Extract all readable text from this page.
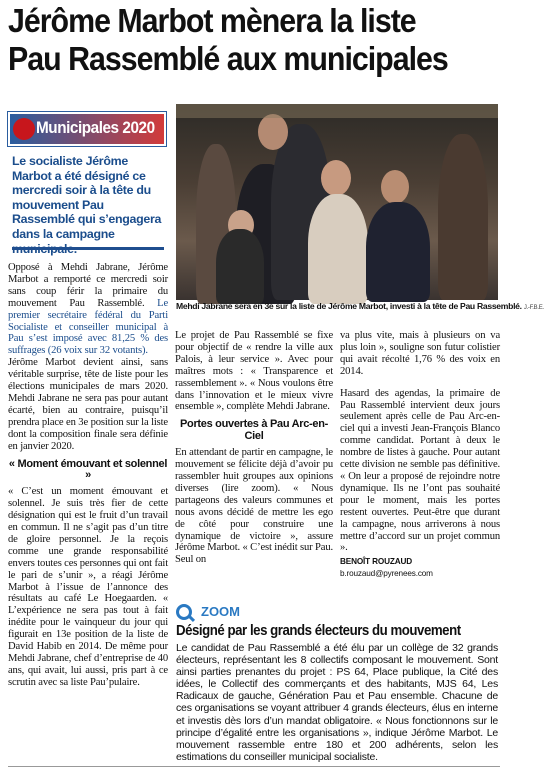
Jérôme Marbot mènera la liste
Pau Rassemblé aux municipales
Municipales 2020
Mehdi Jabrane sera en 3e sur la liste de Jérôme Marbot, investi à la tête de Pau Rassemblé. J.-F.B.E.
Le socialiste Jérôme Marbot a été désigné ce mercredi soir à la tête du mouvement Pau Rassemblé qui s’engagera dans la campagne

Opposé à Mehdi Jabrane, Jérôme Marbot a remporté ce mercredi soir sans coup férir la primaire du mouvement Pau Rassemblé. Le premier secrétaire fédéral du Parti Socialiste et conseiller municipal à Pau s’est imposé avec 81,25 % des suffrages (26 voix sur 32 votants).

Jérôme Marbot devient ainsi, sans véritable surprise, tête de liste pour les élections municipales de mars 2020. Mehdi Jabrane ne sera pas pour autant écarté, bien au contraire, puisqu’il prendra place en 3e position sur la liste dont la composition finale sera définie en janvier 2020.

« Moment émouvant et solennel »

« C’est un moment émouvant et solennel. Je suis très fier de cette désignation qui est le fruit d’un travail en commun. Il ne s’agit pas d’un titre de gloire personnel. Je la reçois comme une grande responsabilité envers toutes ces personnes qui ont fait le pari de s’unir », a réagi Jérôme Marbot à l’issue de l’annonce des résultats au café Le Hoegaarden. « L’expérience ne sera pas tout à fait inédite pour le vainqueur du jour qui figurait en 13e position de la liste de David Habib en 2014. De même pour Mehdi Jabrane, chef d’entreprise de 40 ans, qui avait, lui aussi, pris part à ce scrutin avec sa liste Pau’pulaire.

Le projet de Pau Rassemblé se fixe pour objectif de « rendre la ville aux Palois, à leur service ». Avec pour maîtres mots : « Transparence et rassemblement ». « Nous voulons être dans l’innovation et le mieux vivre ensemble », complète Mehdi Jabrane.

Portes ouvertes à Pau Arc-en-Ciel

En attendant de partir en campagne, le mouvement se félicite déjà d’avoir pu rassembler huit groupes aux opinions diverses (lire zoom). « Nous partageons des valeurs communes et nous avons décidé de mettre les ego de côté pour construire une dynamique de victoire », assure Jérôme Marbot. « C’est inédit sur Pau. Seul on

va plus vite, mais à plusieurs on va plus loin », souligne son futur colistier qui avait récolté 1,76 % des voix en 2014.

Hasard des agendas, la primaire de Pau Rassemblé intervient deux jours seulement après celle de Pau Arc-en-ciel qui a investi Jean-François Blanco comme candidat. Portant à deux le nombre de listes à gauche. Pour autant cette division ne semble pas définitive. « On leur a proposé de rejoindre notre dynamique. Ils ne l’ont pas souhaité pour le moment, mais les portes restent ouvertes. Peut-être que durant la campagne, nous arriverons à nous mettre d’accord sur un projet commun ».

BENOÎT ROUZAUD b.rouzaud@pyrenees.com
ZOOM
Désigné par les grands électeurs du mouvement
Le candidat de Pau Rassemblé a été élu par un collège de 32 grands électeurs, représentant les 8 collectifs composant le mouvement. Sont ainsi parties prenantes du projet : PS 64, Place publique, la Cité des idées, le Collectif des commerçants et des habitants, MJS 64, Les Radicaux de gauche, Génération Pau et Pau ensemble. Chacune de ces organisations se voyant attribuer 4 grands électeurs, élus en interne et investis dès lors d’un mandat obligatoire. « Nous fonctionnons sur le principe d’égalité entre les organisations », indique Jérôme Marbot. Le mouvement rassemble entre 180 et 200 adhérents, selon les estimations du conseiller municipal socialiste.
